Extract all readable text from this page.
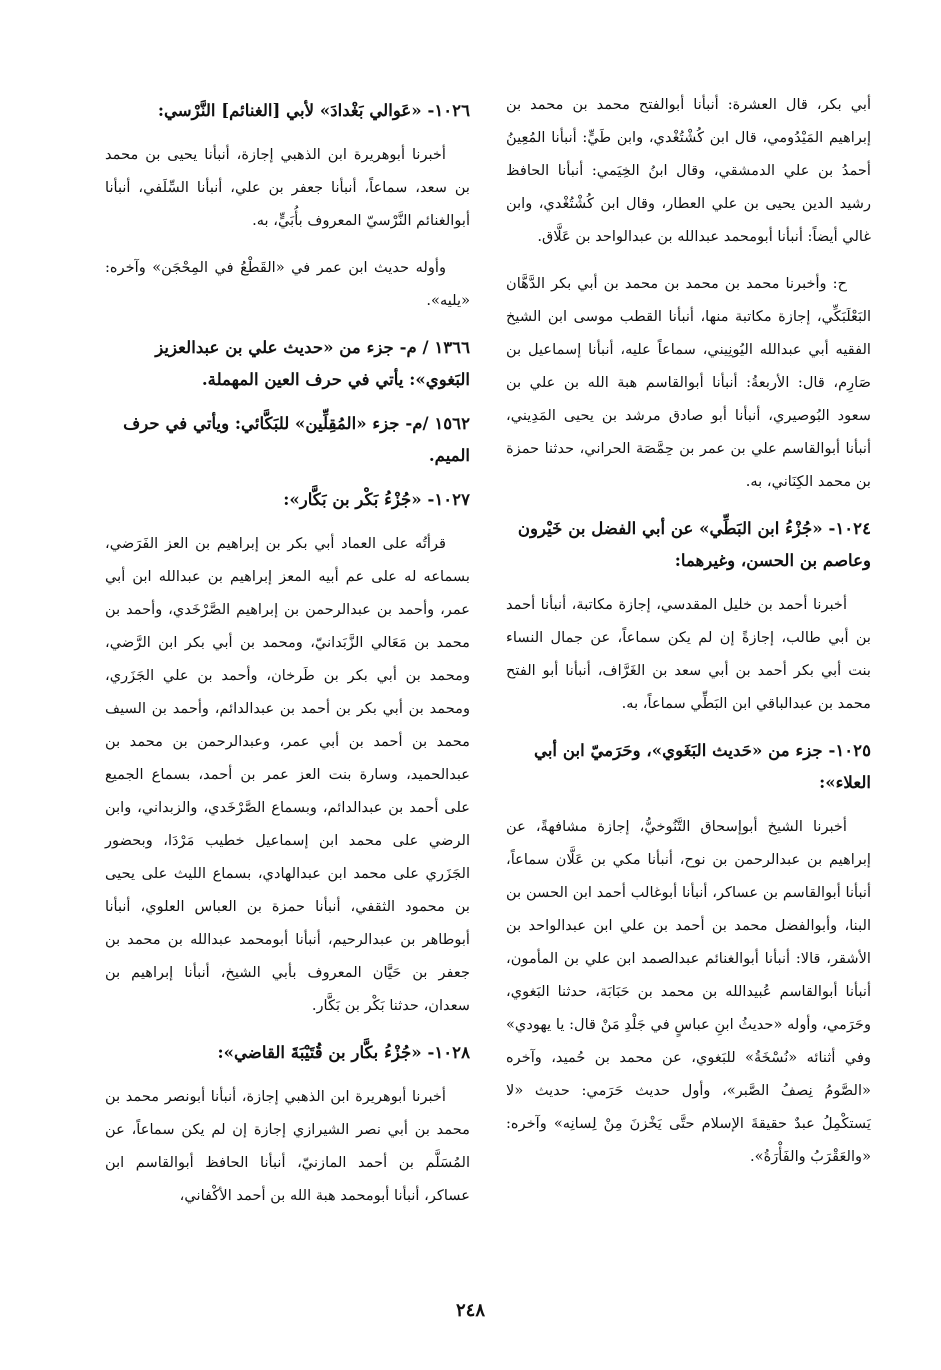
أبي بكر، قال العشرة: أنبأنا أبوالفتح محمد بن محمد بن إبراهيم المَيْدُومي، قال ابن كُشْتُغْدي، وابن طَيٍّ: أنبأنا المُعِينُ أحمدُ بن علي الدمشقي، وقال ابنُ الخِيَمي: أنبأنا الحافظ رشيد الدين يحيى بن علي العطار، وقال ابن كُشْتُغْدي، وابن غالي أيضاً: أنبأنا أبومحمد عبدالله بن عبدالواحد بن عَلَّاق.

ح: وأخبرنا محمد بن محمد بن محمد بن أبي بكر الدَّهَّان البَعْلَبَكِّي، إجازة مكاتبة منها، أنبأنا القطب موسى ابن الشيخ الفقيه أبي عبدالله اليُونِيني، سماعاً عليه، أنبأنا إسماعيل بن صَارِم، قال: الأربعةُ: أنبأنا أبوالقاسم هبة الله بن علي بن سعود البُوصيري، أنبأنا أبو صادق مرشد بن يحيى المَدِيني، أنبأنا أبوالقاسم علي بن عمر بن حِمَّصَة الحراني، حدثنا حمزة بن محمد الكِنَاني، به.

١٠٢٤- «جُزْءُ ابن البَطِّي» عن أبي الفضل بن خَيْرون وعاصم بن الحسن، وغيرهما:

أخبرنا أحمد بن خليل المقدسي، إجازة مكاتبة، أنبأنا أحمد بن أبي طالب، إجازةً إن لم يكن سماعاً، عن جمال النساء بنت أبي بكر أحمد بن أبي سعد بن الغَرَّاف، أنبأنا أبو الفتح محمد بن عبدالباقي ابن البَطِّي سماعاً، به.

١٠٢٥- جزء من «حَديث البَغَوي»، وحَرَميّ ابن أبي العلاء»:

أخبرنا الشيخ أبوإسحاق التَّنُوخيُّ، إجازة مشافهةً، عن إبراهيم بن عبدالرحمن بن نوح، أنبأنا مكي بن عَلَّان سماعاً، أنبأنا أبوالقاسم بن عساكر، أنبأنا أبوغالب أحمد ابن الحسن بن البنا، وأبوالفضل محمد بن أحمد بن علي ابن عبدالواحد بن الأشقر، قالا: أنبأنا أبوالغنائم عبدالصمد ابن علي بن المأمون، أنبأنا أبوالقاسم عُبيدالله بن محمد بن حَبَابَة، حدثنا البَغوي، وحَرَمي، وأوله «حديثُ ابنِ عباسٍ في جَلْدِ مَنْ قال: يا يهودي» وفي أثنائه «نُسْخَةُ» للبَغوي، عن محمد بن حُميد، وآخره «الصَّومُ نِصفُ الصَّبر»، وأول حديث حَرَمي: حديث «لا يَستكْمِلُ عبدٌ حقيقةَ الإسلام حتَّى يَخْزنَ مِنْ لِسانِه» وآخره: «والعَقْرَبُ والفَأْرَةُ».

١٠٢٦- «عَوالي بَغْدادَ» لأبي [الغنائم] النَّرْسي:

أخبرنا أبوهريرة ابن الذهبي إجازة، أنبأنا يحيى بن محمد بن سعد، سماعاً، أنبأنا جعفر بن علي، أنبأنا السِّلَفي، أنبأنا أبوالغنائم النَّرْسيّ المعروف بأُبَيٍّ، به.

وأوله حديث ابن عمر في «القَطْعُ في المِحْجَن» وآخره: «يليه».

١٣٦٦ / م- جزء من «حديث علي بن عبدالعزيز البَغوي»: يأتي في حرف العين المهملة.
١٥٦٢ /م- جزء «المُقِلِّين» للبَكَّائي: ويأتي في حرف الميم.
١٠٢٧- «جُزْءُ بَكْر بن بَكَّار»:

قرأتُه على العماد أبي بكر بن إبراهيم بن العز الفَرَضي، بسماعه له على عم أبيه المعز إبراهيم بن عبدالله ابن أبي عمر، وأحمد بن عبدالرحمن بن إبراهيم الصَّرْخَدي، وأحمد بن محمد بن مَعَالي الزَّبَدانيّ، ومحمد بن أبي بكر ابن الرَّضي، ومحمد بن أبي بكر بن طَرخان، وأحمد بن علي الجَزَري، ومحمد بن أبي بكر بن أحمد بن عبدالدائم، وأحمد بن السيف محمد بن أحمد بن أبي عمر، وعبدالرحمن بن محمد بن عبدالحميد، وسارة بنت العز عمر بن أحمد، بسماع الجميع على أحمد بن عبدالدائم، وبسماع الصَّرْخَدي، والزبداني، وابن الرضي على محمد ابن إسماعيل خطيب مَرْدَا، وبحضور الجَزَري على محمد ابن عبدالهادي، بسماع الليث على يحيى بن محمود الثقفي، أنبأنا حمزة بن العباس العلوي، أنبأنا أبوطاهر بن عبدالرحيم، أنبأنا أبومحمد عبدالله بن محمد بن جعفر بن حَيَّان المعروف بأبي الشيخ، أنبأنا إبراهيم بن سعدان، حدثنا بَكْر بن بَكَّار.

١٠٢٨- «جُزْءُ بكَّار بن قُتَيْبَةَ القاضي»:

أخبرنا أبوهريرة ابن الذهبي إجازة، أنبأنا أبونصر محمد بن محمد بن أبي نصر الشيرازي إجازة إن لم يكن سماعاً، عن المُسَلَّم بن أحمد المازنيّ، أنبأنا الحافظ أبوالقاسم ابن عساكر، أنبأنا أبومحمد هبة الله بن أحمد الأكْفاني،

٢٤٨
